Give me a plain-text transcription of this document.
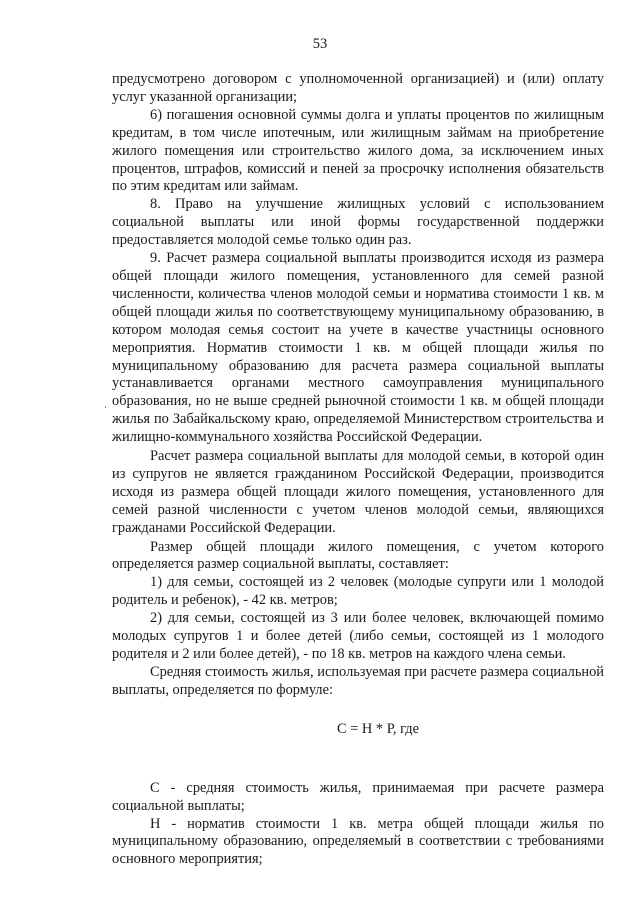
53

предусмотрено договором с уполномоченной организацией) и (или) оплату услуг указанной организации;

6) погашения основной суммы долга и уплаты процентов по жилищным кредитам, в том числе ипотечным, или жилищным займам на приобретение жилого помещения или строительство жилого дома, за исключением иных процентов, штрафов, комиссий и пеней за просрочку исполнения обязательств по этим кредитам или займам.

8. Право на улучшение жилищных условий с использованием социальной выплаты или иной формы государственной поддержки предоставляется молодой семье только один раз.

9. Расчет размера социальной выплаты производится исходя из размера общей площади жилого помещения, установленного для семей разной численности, количества членов молодой семьи и норматива стоимости 1 кв. м общей площади жилья по соответствующему муниципальному образованию, в котором молодая семья состоит на учете в качестве участницы основного мероприятия. Норматив стоимости 1 кв. м общей площади жилья по муниципальному образованию для расчета размера социальной выплаты устанавливается органами местного самоуправления муниципального образования, но не выше средней рыночной стоимости 1 кв. м общей площади жилья по Забайкальскому краю, определяемой Министерством строительства и жилищно-коммунального хозяйства Российской Федерации.

Расчет размера социальной выплаты для молодой семьи, в которой один из супругов не является гражданином Российской Федерации, производится исходя из размера общей площади жилого помещения, установленного для семей разной численности с учетом членов молодой семьи, являющихся гражданами Российской Федерации.

Размер общей площади жилого помещения, с учетом которого определяется размер социальной выплаты, составляет:

1) для семьи, состоящей из 2 человек (молодые супруги или 1 молодой родитель и ребенок), - 42 кв. метров;

2) для семьи, состоящей из 3 или более человек, включающей помимо молодых супругов 1 и более детей (либо семьи, состоящей из 1 молодого родителя и 2 или более детей), - по 18 кв. метров на каждого члена семьи.

Средняя стоимость жилья, используемая при расчете размера социальной выплаты, определяется по формуле:

С = Н * Р, где

С - средняя стоимость жилья, принимаемая при расчете размера социальной выплаты;

Н - норматив стоимости 1 кв. метра общей площади жилья по муниципальному образованию, определяемый в соответствии с требованиями основного мероприятия;
